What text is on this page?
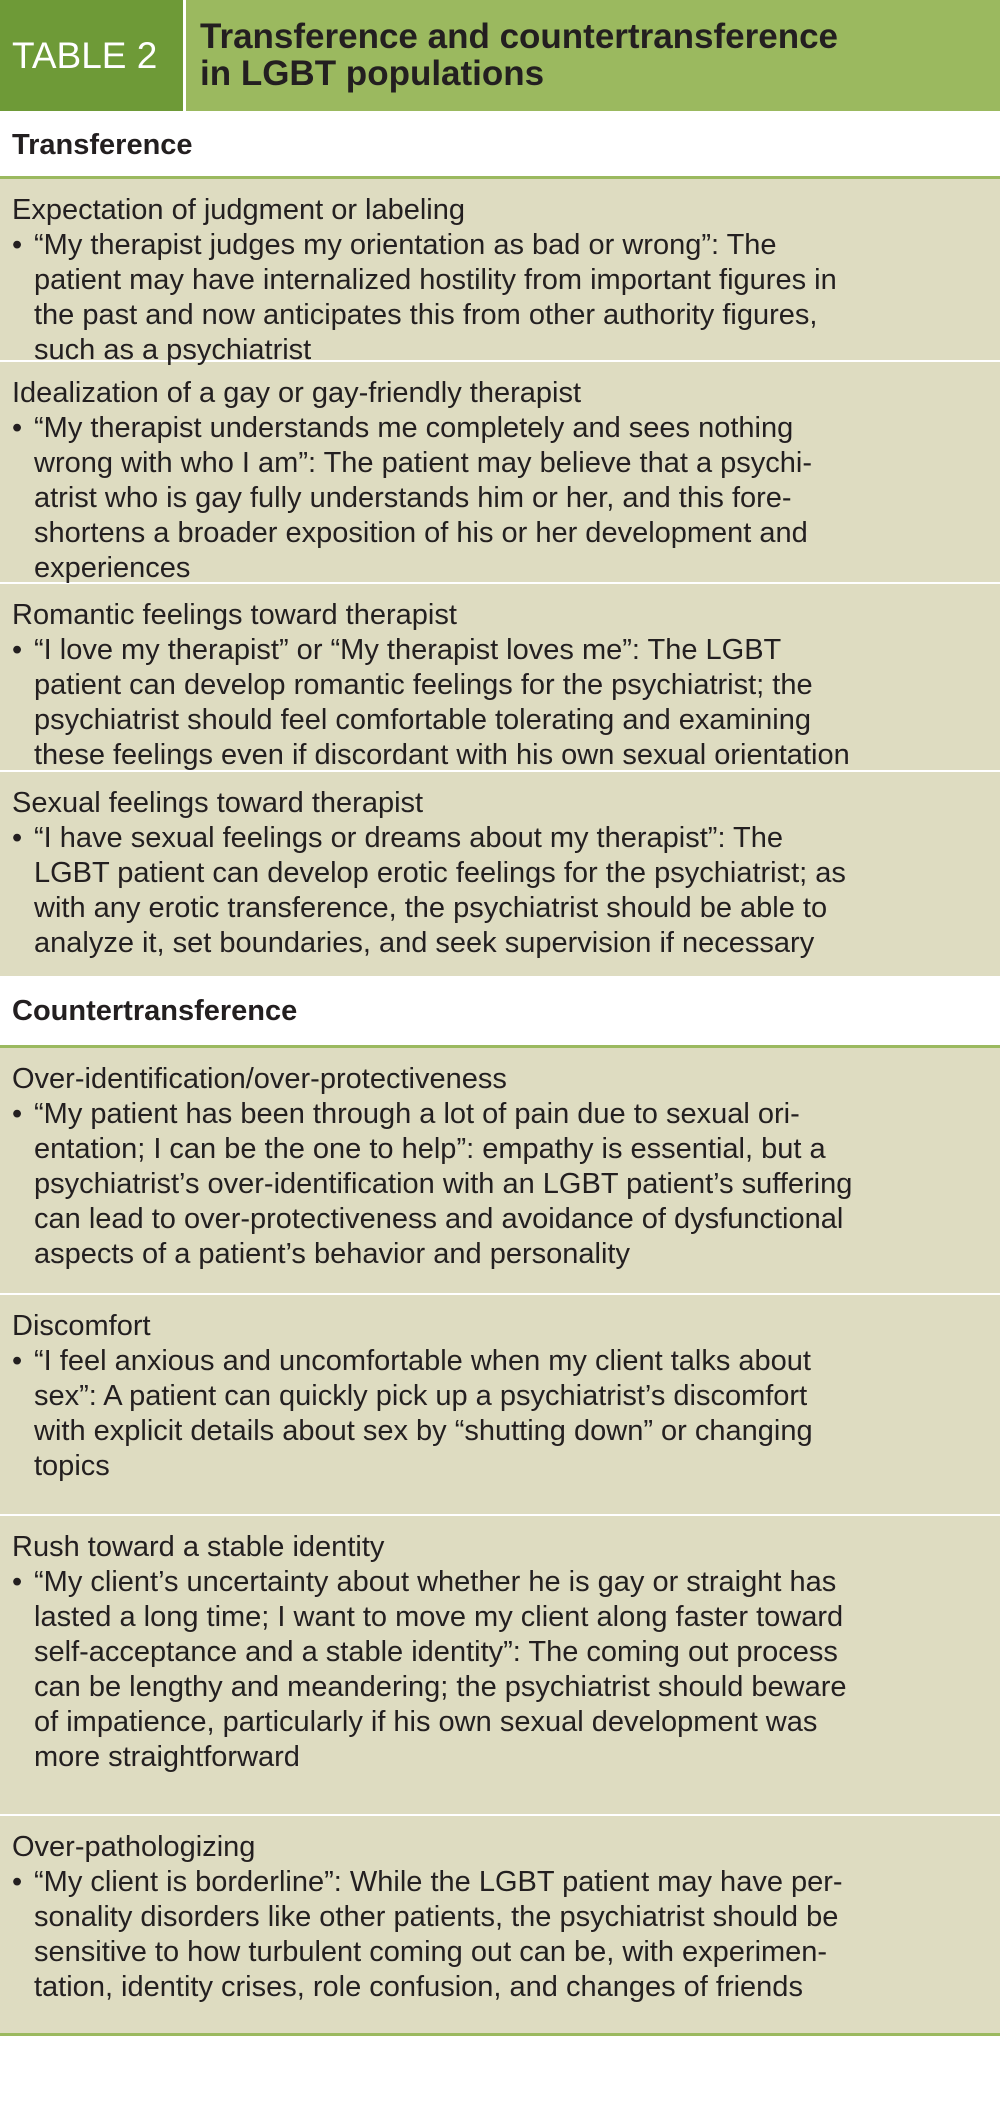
TABLE 2	Transference and countertransference
in LGBT populations
Transference
Expectation of judgment or labeling
• “My therapist judges my orientation as bad or wrong”: The
patient may have internalized hostility from important figures in
the past and now anticipates this from other authority figures,
such as a psychiatrist
Idealization of a gay or gay-friendly therapist
• “My therapist understands me completely and sees nothing
wrong with who I am”: The patient may believe that a psychi-
atrist who is gay fully understands him or her, and this fore-
shortens a broader exposition of his or her development and
experiences
Romantic feelings toward therapist
• “I love my therapist” or “My therapist loves me”: The LGBT
patient can develop romantic feelings for the psychiatrist; the
psychiatrist should feel comfortable tolerating and examining
these feelings even if discordant with his own sexual orientation
Sexual feelings toward therapist
• “I have sexual feelings or dreams about my therapist”: The
LGBT patient can develop erotic feelings for the psychiatrist; as
with any erotic transference, the psychiatrist should be able to
analyze it, set boundaries, and seek supervision if necessary
Countertransference
Over-identification/over-protectiveness
• “My patient has been through a lot of pain due to sexual ori-
entation; I can be the one to help”: empathy is essential, but a
psychiatrist’s over-identification with an LGBT patient’s suffering
can lead to over-protectiveness and avoidance of dysfunctional
aspects of a patient’s behavior and personality
Discomfort
• “I feel anxious and uncomfortable when my client talks about
sex”: A patient can quickly pick up a psychiatrist’s discomfort
with explicit details about sex by “shutting down” or changing
topics
Rush toward a stable identity
• “My client’s uncertainty about whether he is gay or straight has
lasted a long time; I want to move my client along faster toward
self-acceptance and a stable identity”: The coming out process
can be lengthy and meandering; the psychiatrist should beware
of impatience, particularly if his own sexual development was
more straightforward
Over-pathologizing
• “My client is borderline”: While the LGBT patient may have per-
sonality disorders like other patients, the psychiatrist should be
sensitive to how turbulent coming out can be, with experimen-
tation, identity crises, role confusion, and changes of friends
